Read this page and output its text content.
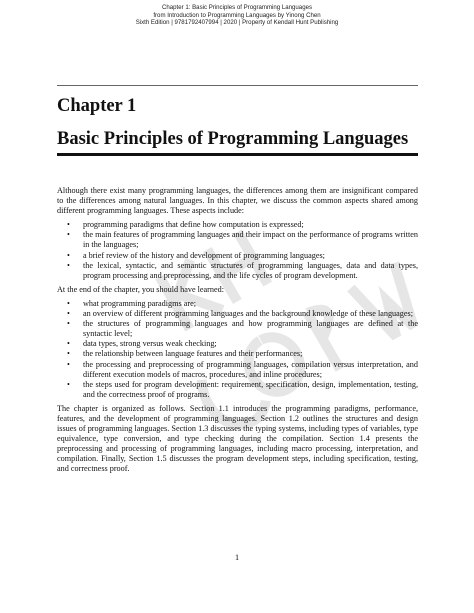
Chapter 1: Basic Principles of Programming Languages
from Introduction to Programming Languages by Yinong Chen
Sixth Edition | 9781792407994 | 2020 | Property of Kendall Hunt Publishing
Chapter 1
Basic Principles of Programming Languages

Although there exist many programming languages, the differences among them are insignificant compared to the differences among natural languages. In this chapter, we discuss the common aspects shared among different programming languages. These aspects include:

•	programming paradigms that define how computation is expressed;
•	the main features of programming languages and their impact on the performance of programs written in the languages;
•	a brief review of the history and development of programming languages;
•	the lexical, syntactic, and semantic structures of programming languages, data and data types, program processing and preprocessing, and the life cycles of program development.

At the end of the chapter, you should have learned:

•	what programming paradigms are;
•	an overview of different programming languages and the background knowledge of these languages;
•	the structures of programming languages and how programming languages are defined at the syntactic level;
•	data types, strong versus weak checking;
•	the relationship between language features and their performances;
•	the processing and preprocessing of programming languages, compilation versus interpretation, and different execution models of macros, procedures, and inline procedures;
•	the steps used for program development: requirement, specification, design, implementation, testing, and the correctness proof of programs.

The chapter is organized as follows. Section 1.1 introduces the programming paradigms, performance, features, and the development of programming languages. Section 1.2 outlines the structures and design issues of programming languages. Section 1.3 discusses the typing systems, including types of variables, type equivalence, type conversion, and type checking during the compilation. Section 1.4 presents the preprocessing and processing of programming languages, including macro processing, interpretation, and compilation. Finally, Section 1.5 discusses the program development steps, including specification, testing, and correctness proof.

1
